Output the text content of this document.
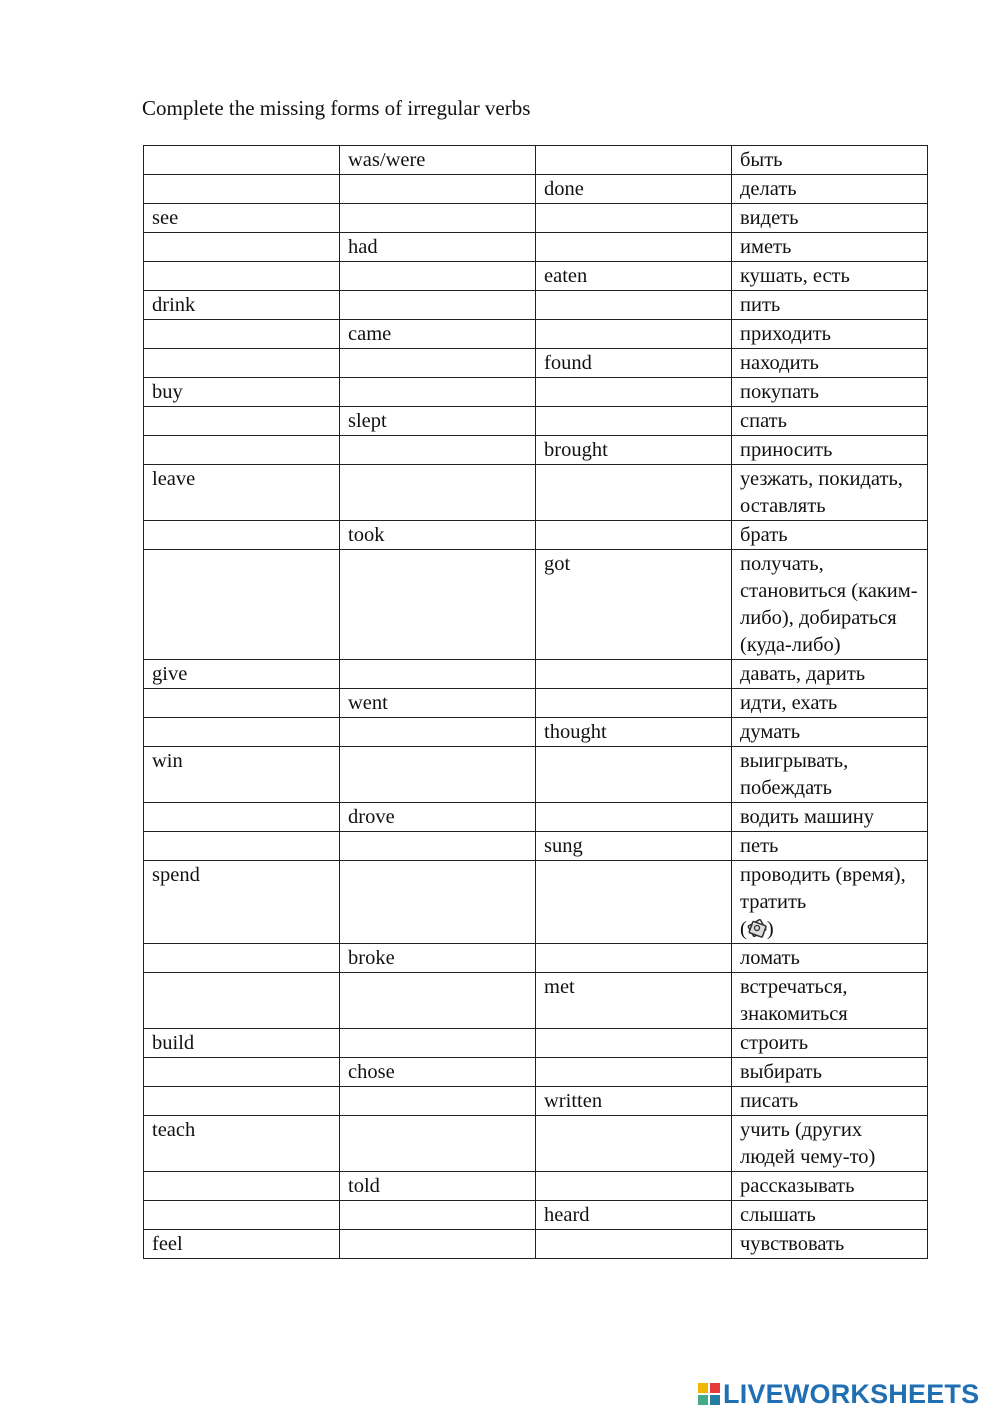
Complete the missing forms of irregular verbs
	was/were		быть
		done	делать
see			видеть
	had		иметь
		eaten	кушать, есть
drink			пить
	came		приходить
		found	находить
buy			покупать
	slept		спать
		brought	приносить
leave			уезжать, покидать, оставлять
	took		брать
		got	получать, становиться (каким-либо), добираться (куда-либо)
give			давать, дарить
	went		идти, ехать
		thought	думать
win			выигрывать, побеждать
	drove		водить машину
		sung	петь
spend			проводить (время), тратить
( )
	broke		ломать
		met	встречаться, знакомиться
build			строить
	chose		выбирать
		written	писать
teach			учить (других людей чему-то)
	told		рассказывать
		heard	слышать
feel			чувствовать
LIVEWORKSHEETS
